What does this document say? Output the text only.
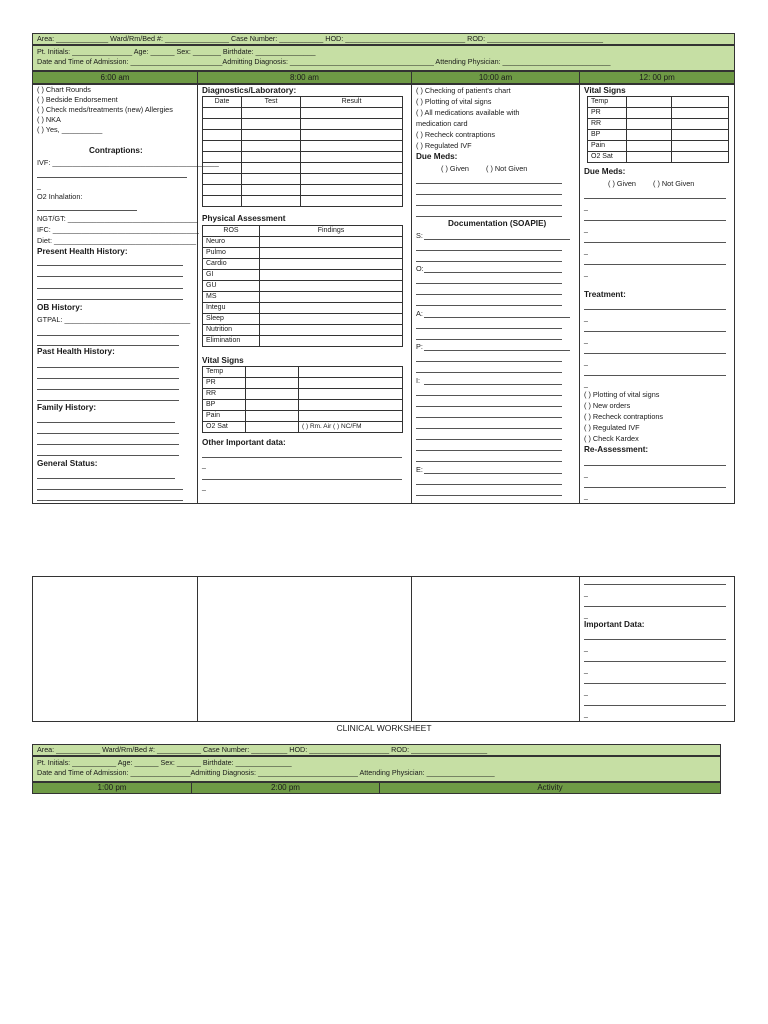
Area: _____________ Ward/Rm/Bed #: ________________ Case Number: ___________ HOD: ______________________________ ROD: _____________________________
Pt. Initials: _______________ Age: ______ Sex: _______ Birthdate: _______________
Date and Time of Admission: _______________________Admitting Diagnosis: ____________________________________ Attending Physician: ___________________________
6:00 am	8:00 am	10:00 am	12: 00 pm
( ) Chart Rounds
( ) Bedside Endorsement
( ) Check meds/treatments (new) Allergies
( ) NKA
( ) Yes, __________
Contraptions:
IVF: _________________________________________
_
O2 Inhalation:
NGT/GT: ________________________________
IFC: ____________________________________
Diet: ___________________________________
Present Health History:
OB History:
GTPAL: _______________________________
Past Health History:
Family History:
General Status:
Diagnostics/Laboratory:
Date	Test	Result

Physical Assessment
ROS	Findings
Neuro	
Pulmo	
Cardio	
GI	
GU	
MS	
Integu	
Sleep	
Nutrition	
Elimination	
Vital Signs
Temp		
PR		
RR		
BP		
Pain		
O2 Sat		( ) Rm. Air ( ) NC/FM
Other Important data:
_
_
( ) Checking of patient's chart
( ) Plotting of vital signs
( ) All medications available with
medication card
( ) Recheck contraptions
( ) Regulated IVF
Due Meds:
( ) Given ( ) Not Given
Documentation (SOAPIE)
S:
O:
A:
P:
I:
E:
Vital Signs
Temp		
PR		
RR		
BP		
Pain		
O2 Sat		
Due Meds:
( ) Given ( ) Not Given
_
_
_
_
Treatment:
_
_
_
_
( ) Plotting of vital signs
( ) New orders
( ) Recheck contraptions
( ) Regulated IVF
( ) Check Kardex
Re-Assessment:
_
_
_
_
Important Data:
_
_
_
_
CLINICAL WORKSHEET
Area: ___________ Ward/Rm/Bed #: ___________ Case Number: _________ HOD: ____________________ ROD: ___________________
Pt. Initials: ___________ Age: ______ Sex: ______ Birthdate: ______________
Date and Time of Admission: _______________Admitting Diagnosis: _________________________ Attending Physician: _________________
1:00 pm	2:00 pm	Activity
